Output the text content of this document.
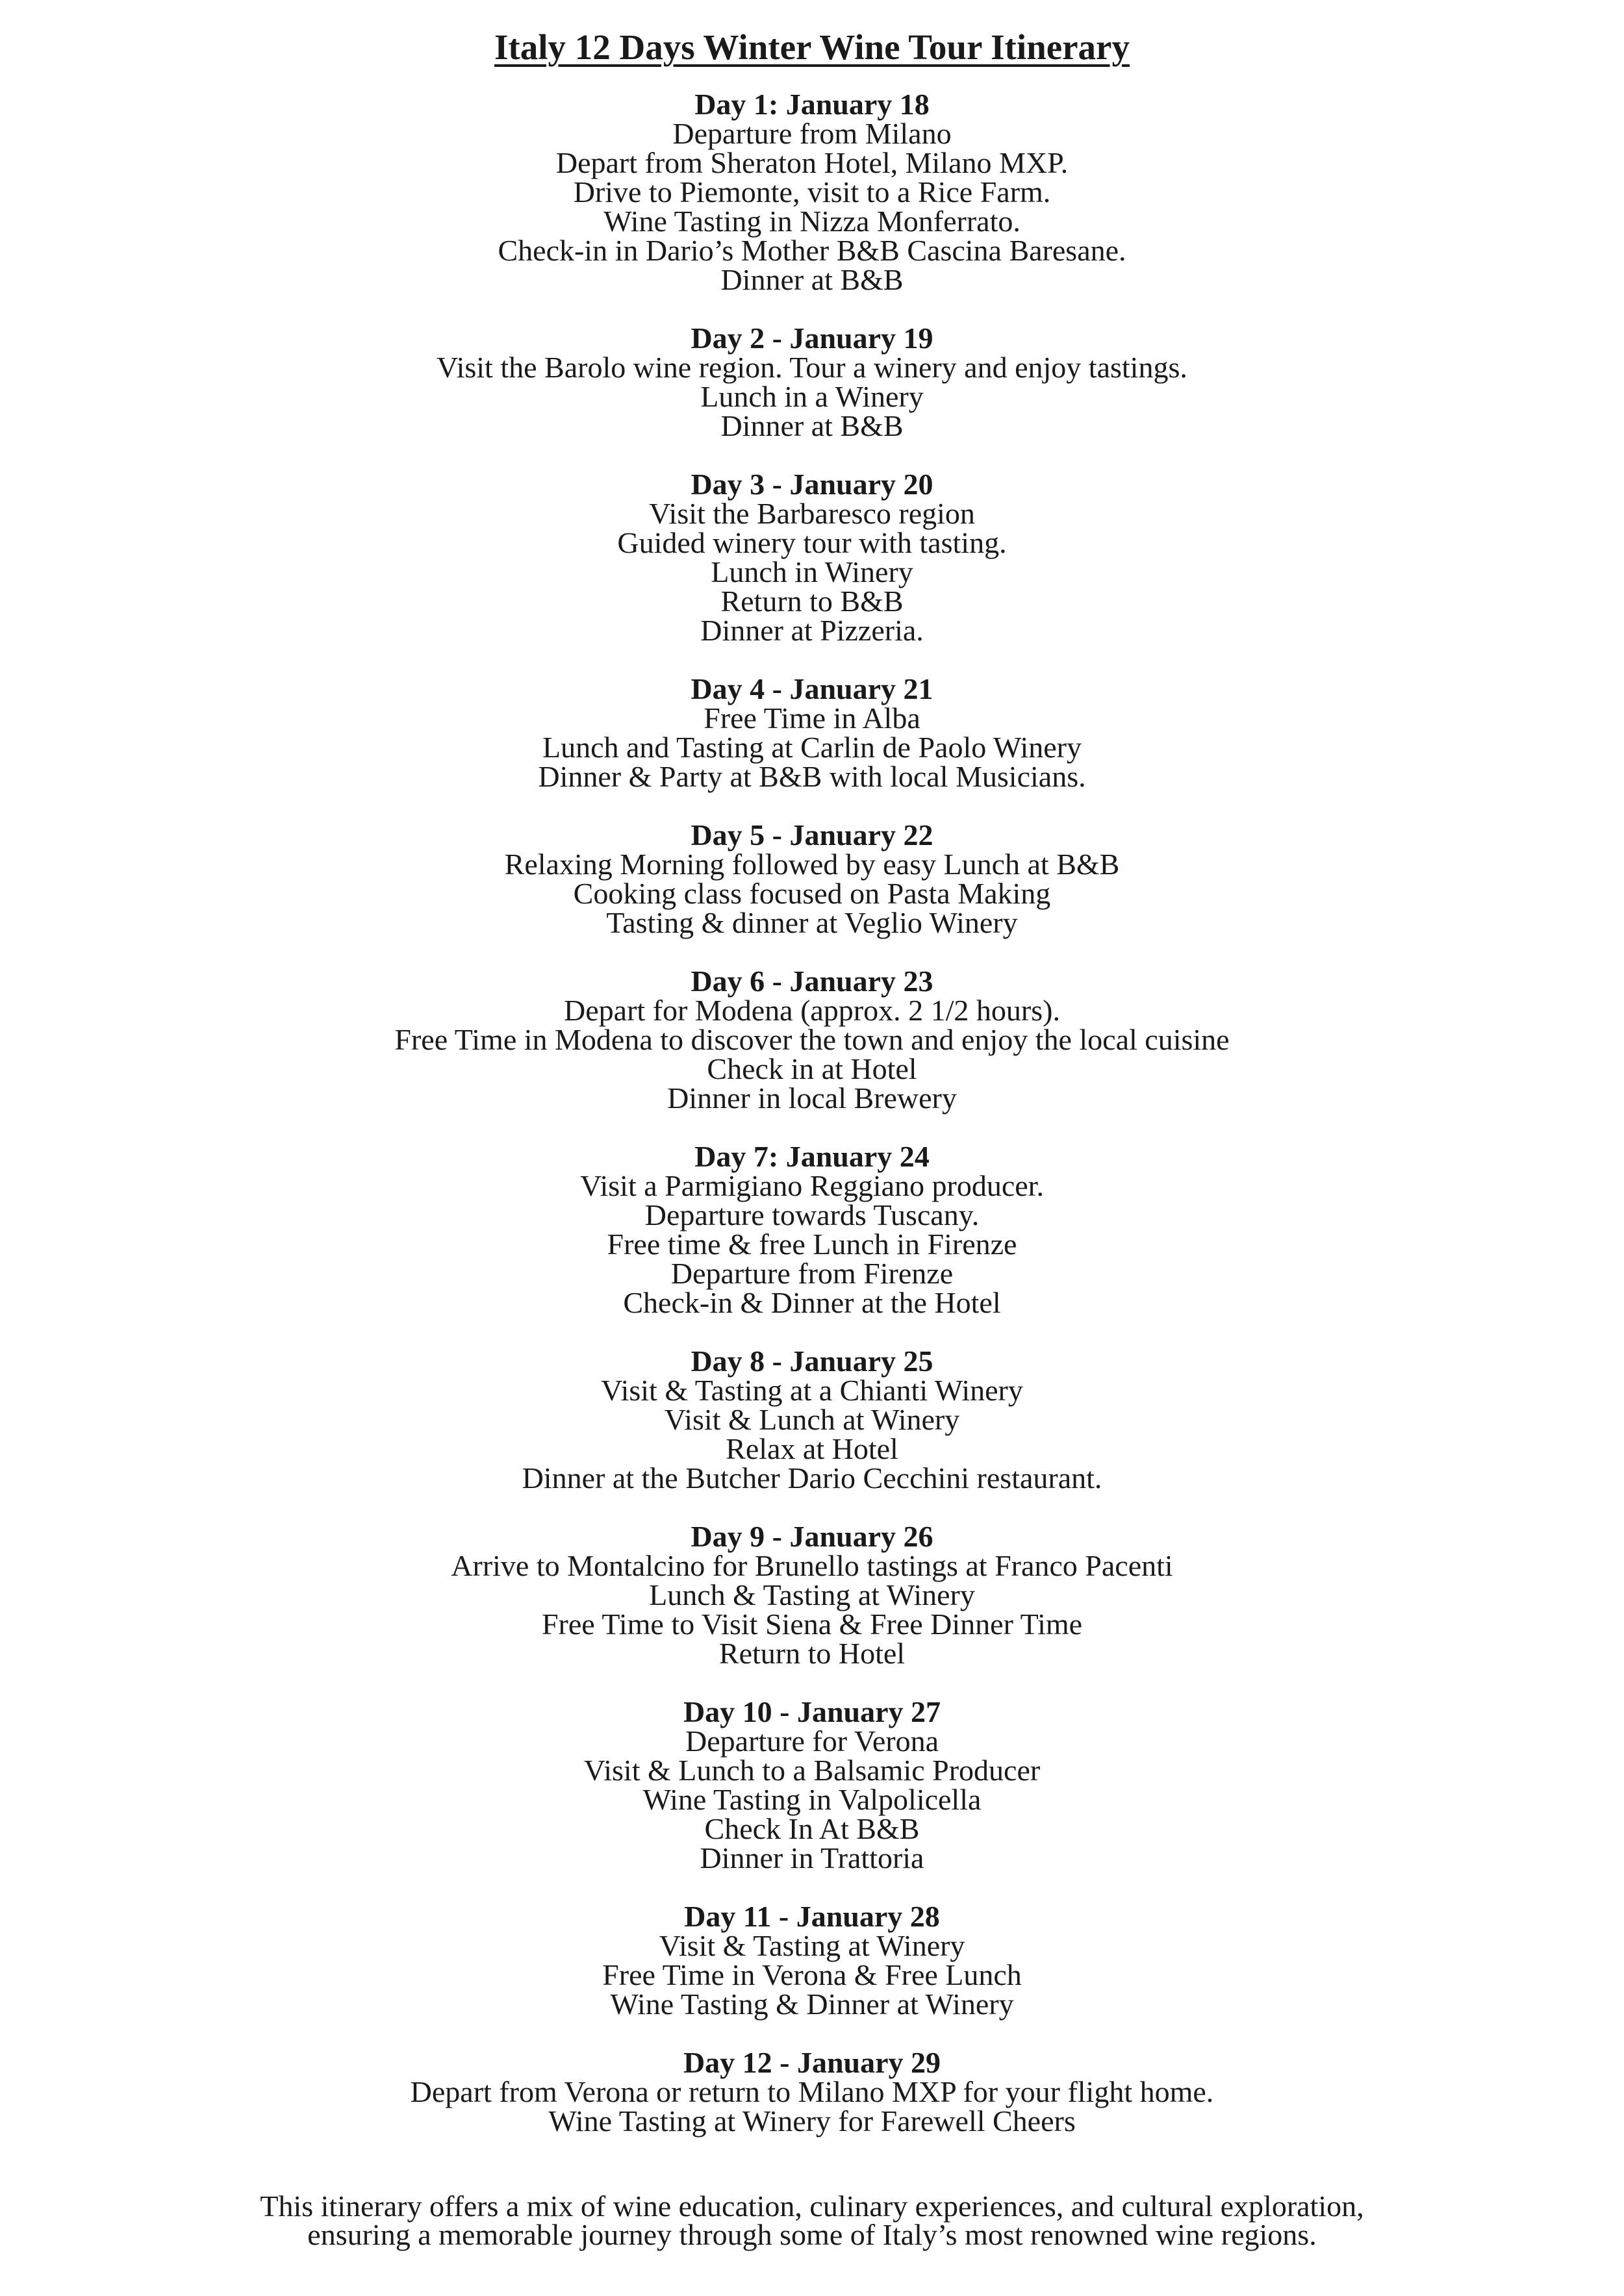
Italy 12 Days Winter Wine Tour Itinerary
Day 1: January 18
Departure from Milano
Depart from Sheraton Hotel, Milano MXP.
Drive to Piemonte, visit to a Rice Farm.
Wine Tasting in Nizza Monferrato.
Check-in in Dario’s Mother B&B Cascina Baresane.
Dinner at B&B
Day 2 - January 19
Visit the Barolo wine region. Tour a winery and enjoy tastings.
Lunch in a Winery
Dinner at B&B
Day 3 - January 20
Visit the Barbaresco region
Guided winery tour with tasting.
Lunch in Winery
Return to B&B
Dinner at Pizzeria.
Day 4 - January 21
Free Time in Alba
Lunch and Tasting at Carlin de Paolo Winery
Dinner & Party at B&B with local Musicians.
Day 5 - January 22
Relaxing Morning followed by easy Lunch at B&B
Cooking class focused on Pasta Making
Tasting & dinner at Veglio Winery
Day 6 - January 23
Depart for Modena (approx. 2 1/2 hours).
Free Time in Modena to discover the town and enjoy the local cuisine
Check in at Hotel
Dinner in local Brewery
Day 7: January 24
Visit a Parmigiano Reggiano producer.
Departure towards Tuscany.
Free time & free Lunch in Firenze
Departure from Firenze
Check-in & Dinner at the Hotel
Day 8 - January 25
Visit & Tasting at a Chianti Winery
Visit & Lunch at Winery
Relax at Hotel
Dinner at the Butcher Dario Cecchini restaurant.
Day 9 - January 26
Arrive to Montalcino for Brunello tastings at Franco Pacenti
Lunch & Tasting at Winery
Free Time to Visit Siena & Free Dinner Time
Return to Hotel
Day 10 - January 27
Departure for Verona
Visit & Lunch to a Balsamic Producer
Wine Tasting in Valpolicella
Check In At B&B
Dinner in Trattoria
Day 11 - January 28
Visit & Tasting at Winery
Free Time in Verona & Free Lunch
Wine Tasting & Dinner at Winery
Day 12 - January 29
Depart from Verona or return to Milano MXP for your flight home.
Wine Tasting at Winery for Farewell Cheers

This itinerary offers a mix of wine education, culinary experiences, and cultural exploration,

ensuring a memorable journey through some of Italy’s most renowned wine regions.
